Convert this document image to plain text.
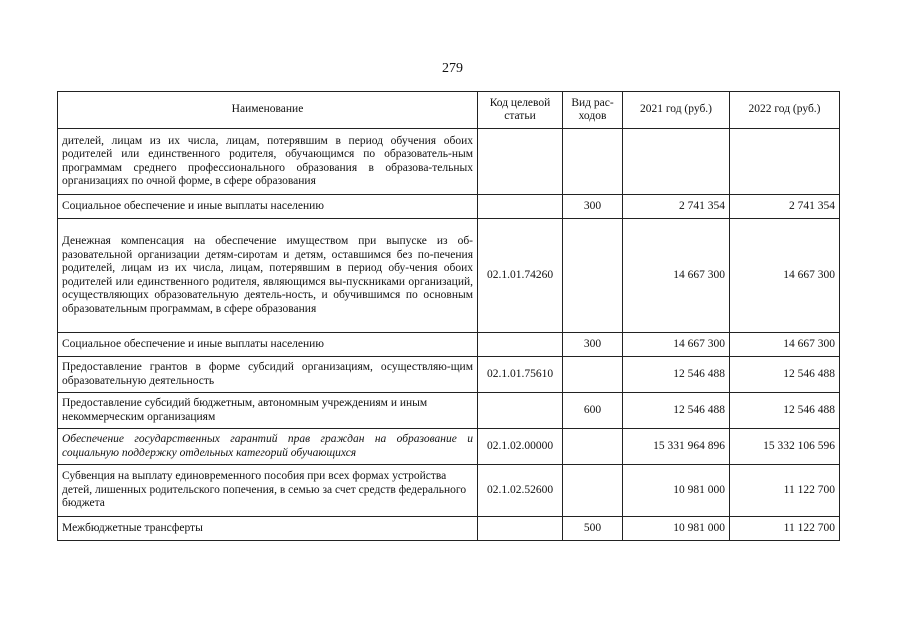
279
Наименование	Код целевой статьи	Вид рас-ходов	2021 год (руб.)	2022 год (руб.)
дителей, лицам из их числа, лицам, потерявшим в период обучения обоих родителей или единственного родителя, обучающимся по образователь-ным программам среднего профессионального образования в образова-тельных организациях по очной форме, в сфере образования				
Социальное обеспечение и иные выплаты населению		300	2 741 354	2 741 354
Денежная компенсация на обеспечение имуществом при выпуске из об-разовательной организации детям-сиротам и детям, оставшимся без по-печения родителей, лицам из их числа, лицам, потерявшим в период обу-чения обоих родителей или единственного родителя, являющимся вы-пускниками организаций, осуществляющих образовательную деятель-ность, и обучившимся по основным образовательным программам, в сфере образования	02.1.01.74260		14 667 300	14 667 300
Социальное обеспечение и иные выплаты населению		300	14 667 300	14 667 300
Предоставление грантов в форме субсидий организациям, осуществляю-щим образовательную деятельность	02.1.01.75610		12 546 488	12 546 488
Предоставление субсидий бюджетным, автономным учреждениям и иным некоммерческим организациям		600	12 546 488	12 546 488
Обеспечение государственных гарантий прав граждан на образование и социальную поддержку отдельных категорий обучающихся	02.1.02.00000		15 331 964 896	15 332 106 596
Субвенция на выплату единовременного пособия при всех формах устройства детей, лишенных родительского попечения, в семью за счет средств федерального бюджета	02.1.02.52600		10 981 000	11 122 700
Межбюджетные трансферты		500	10 981 000	11 122 700
